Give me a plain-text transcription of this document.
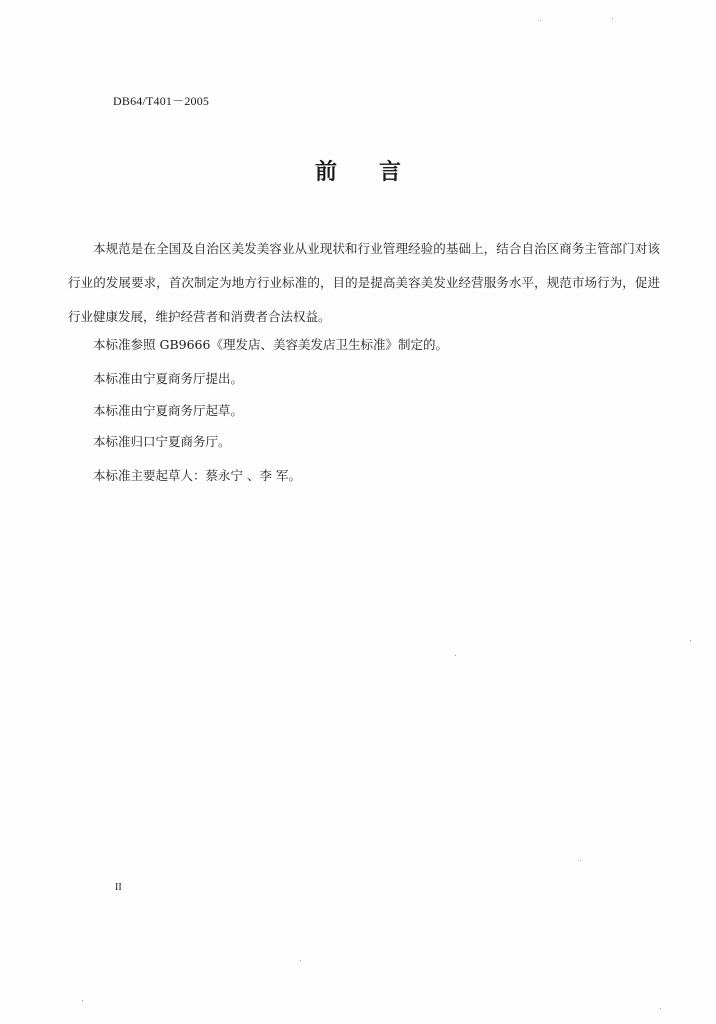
DB64/T401－2005
前言
本规范是在全国及自治区美发美容业从业现状和行业管理经验的基础上，结合自治区商务主管部门对该行业的发展要求，首次制定为地方行业标准的，目的是提高美容美发业经营服务水平，规范市场行为，促进行业健康发展，维护经营者和消费者合法权益。
本标准参照 GB9666《理发店、美容美发店卫生标准》制定的。
本标准由宁夏商务厅提出。
本标准由宁夏商务厅起草。
本标准归口宁夏商务厅。
本标准主要起草人：蔡永宁 、李 军。
II
